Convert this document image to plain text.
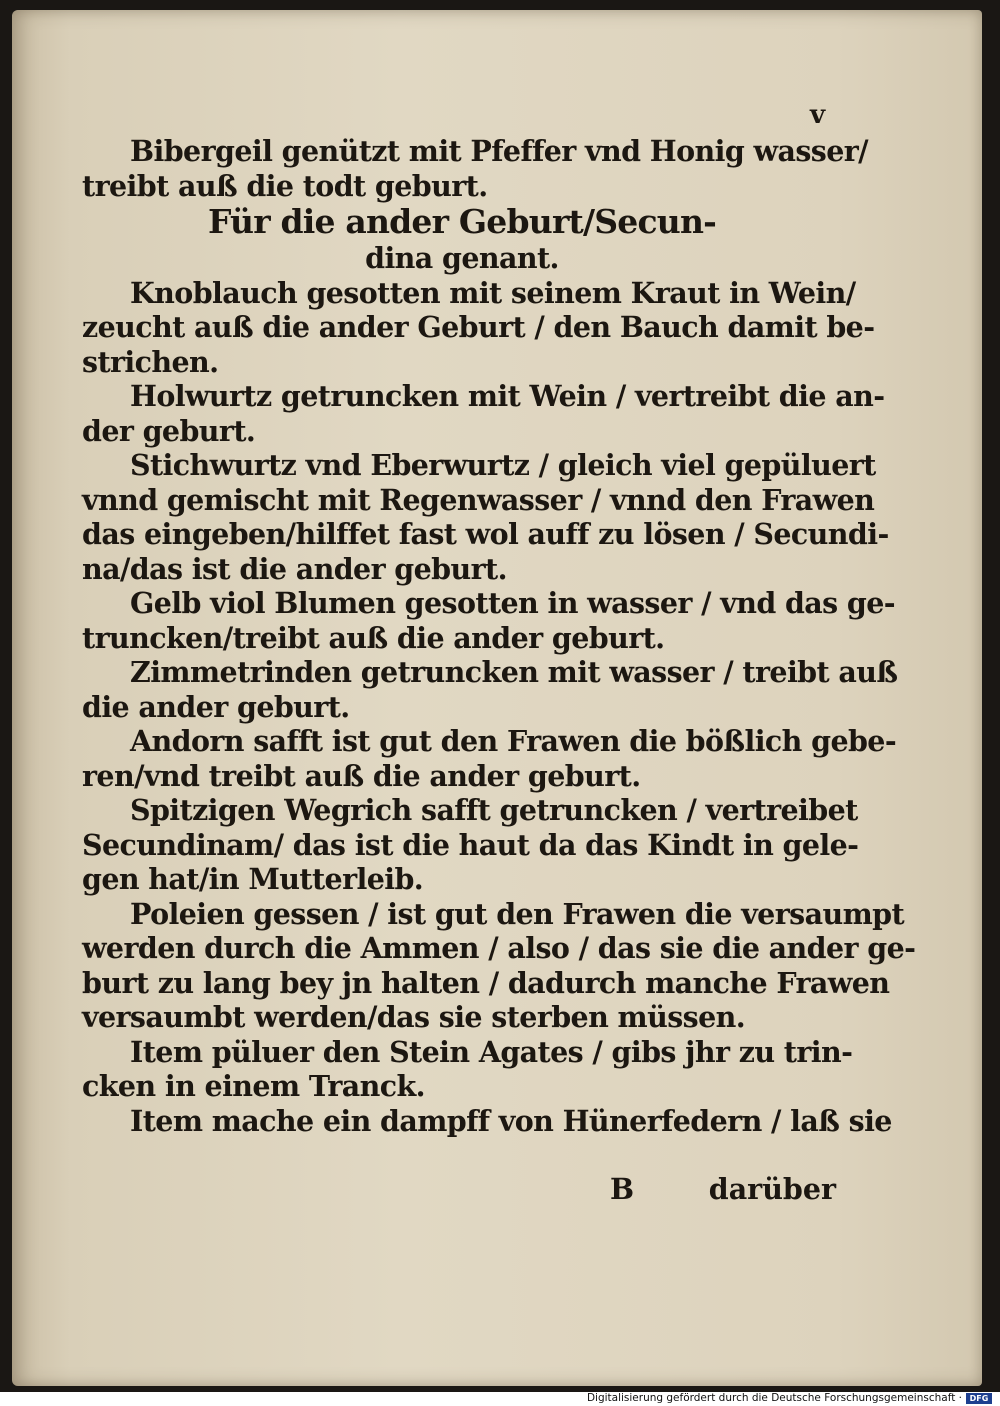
v
Bibergeil genützt mit Pfeffer vnd Honig wasser/
treibt auß die todt geburt.
Für die ander Geburt/Secun-
dina genant.
Knoblauch gesotten mit seinem Kraut in Wein/
zeucht auß die ander Geburt / den Bauch damit be-
strichen.
Holwurtz getruncken mit Wein / vertreibt die an-
der geburt.
Stichwurtz vnd Eberwurtz / gleich viel gepüluert
vnnd gemischt mit Regenwasser / vnnd den Frawen
das eingeben/hilffet fast wol auff zu lösen / Secundi-
na/das ist die ander geburt.
Gelb viol Blumen gesotten in wasser / vnd das ge-
truncken/treibt auß die ander geburt.
Zimmetrinden getruncken mit wasser / treibt auß
die ander geburt.
Andorn safft ist gut den Frawen die bößlich gebe-
ren/vnd treibt auß die ander geburt.
Spitzigen Wegrich safft getruncken / vertreibet
Secundinam/ das ist die haut da das Kindt in gele-
gen hat/in Mutterleib.
Poleien gessen / ist gut den Frawen die versaumpt
werden durch die Ammen / also / das sie die ander ge-
burt zu lang bey jn halten / dadurch manche Frawen
versaumbt werden/das sie sterben müssen.
Item püluer den Stein Agates / gibs jhr zu trin-
cken in einem Tranck.
Item mache ein dampff von Hünerfedern / laß sie
B	darüber
Digitalisierung gefördert durch die Deutsche Forschungsgemeinschaft · DFG
